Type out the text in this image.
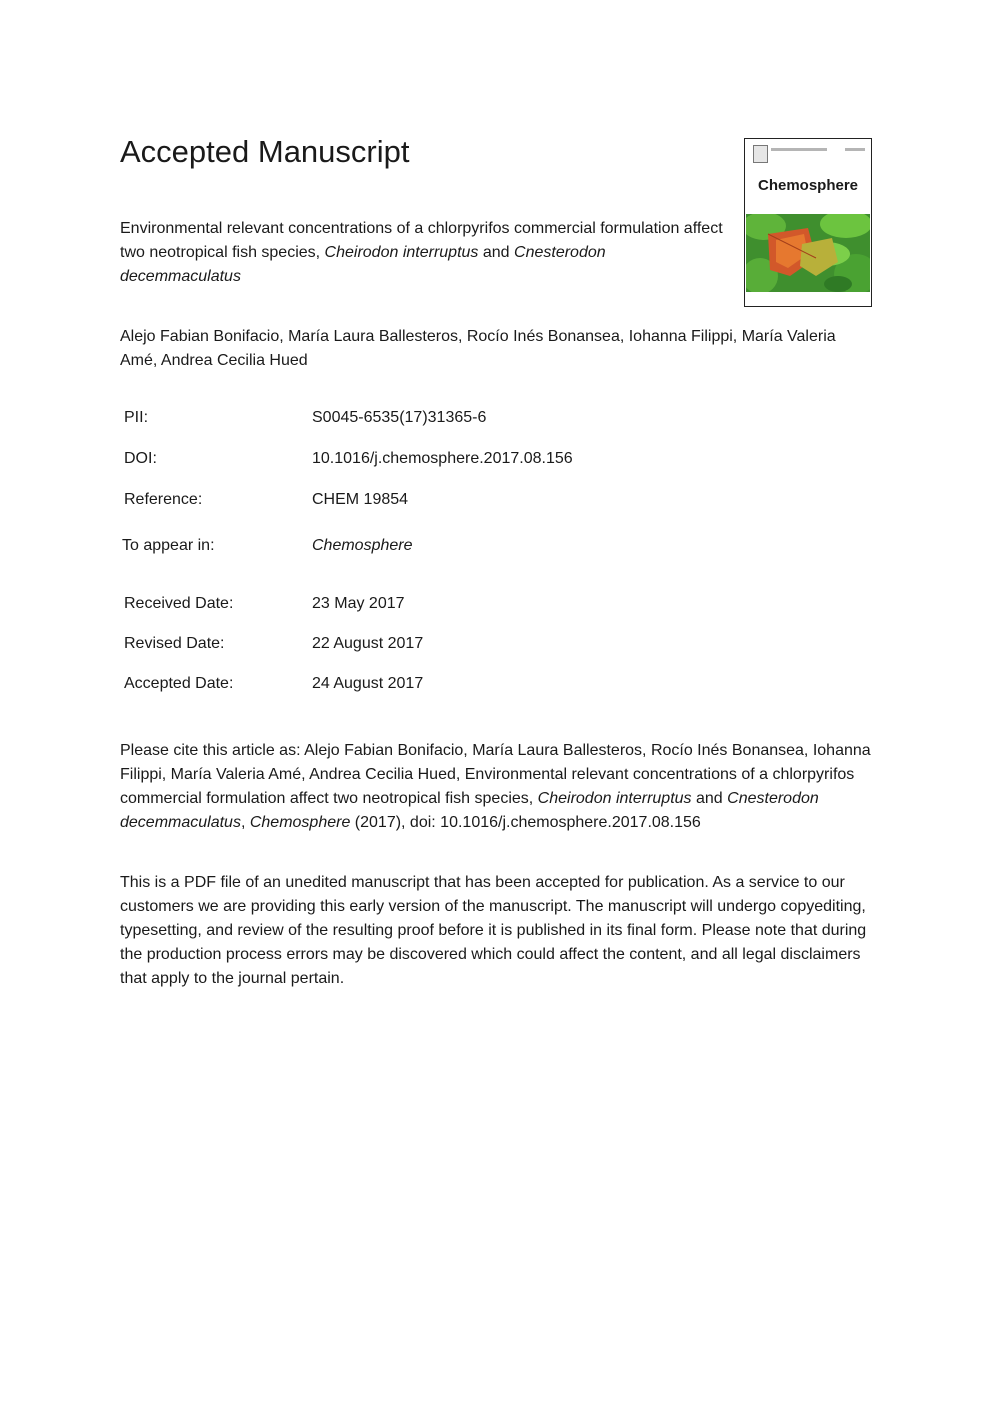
Accepted Manuscript

Environmental relevant concentrations of a chlorpyrifos commercial formulation affect two neotropical fish species, Cheirodon interruptus and Cnesterodon decemmaculatus

Alejo Fabian Bonifacio, María Laura Ballesteros, Rocío Inés Bonansea, Iohanna Filippi, María Valeria Amé, Andrea Cecilia Hued

PII:	S0045-6535(17)31365-6
DOI:	10.1016/j.chemosphere.2017.08.156
Reference:	CHEM 19854
To appear in:	Chemosphere
Received Date:	23 May 2017
Revised Date:	22 August 2017
Accepted Date:	24 August 2017

Please cite this article as: Alejo Fabian Bonifacio, María Laura Ballesteros, Rocío Inés Bonansea, Iohanna Filippi, María Valeria Amé, Andrea Cecilia Hued, Environmental relevant concentrations of a chlorpyrifos commercial formulation affect two neotropical fish species, Cheirodon interruptus and Cnesterodon decemmaculatus, Chemosphere (2017), doi: 10.1016/j.chemosphere.2017.08.156

This is a PDF file of an unedited manuscript that has been accepted for publication. As a service to our customers we are providing this early version of the manuscript. The manuscript will undergo copyediting, typesetting, and review of the resulting proof before it is published in its final form. Please note that during the production process errors may be discovered which could affect the content, and all legal disclaimers that apply to the journal pertain.

Chemosphere
